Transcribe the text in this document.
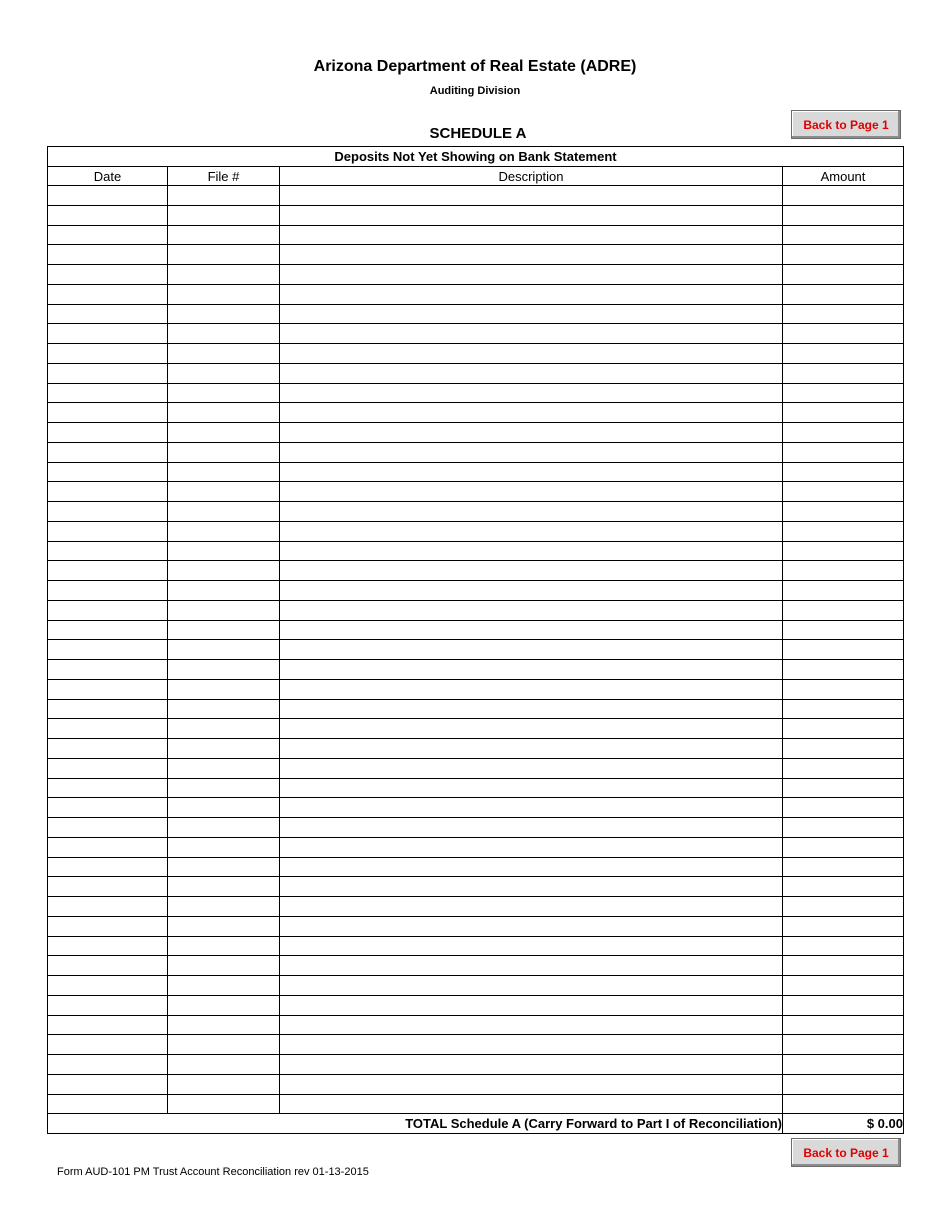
Arizona Department of Real Estate (ADRE)
Auditing Division
SCHEDULE A
Back to Page 1
Deposits Not Yet Showing on Bank Statement			
Date	File #	Description	Amount

TOTAL Schedule A (Carry Forward to Part I of Reconciliation)			$ 0.00
Back to Page 1
Form AUD-101 PM Trust Account Reconciliation rev 01-13-2015
